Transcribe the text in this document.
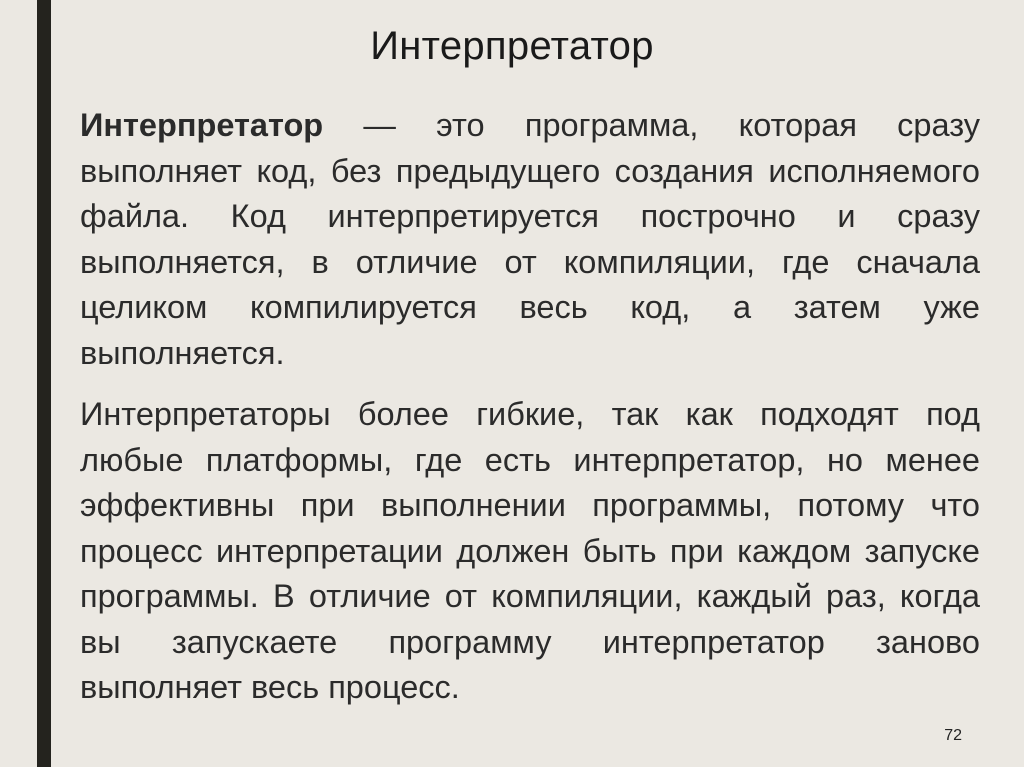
Интерпретатор

Интерпретатор — это программа, которая сразу выполняет код, без предыдущего создания исполняемого файла. Код интерпретируется построчно и сразу выполняется, в отличие от компиляции, где сначала целиком компилируется весь код, а затем уже выполняется.

Интерпретаторы более гибкие, так как подходят под любые платформы, где есть интерпретатор, но менее эффективны при выполнении программы, потому что процесс интерпретации должен быть при каждом запуске программы. В отличие от компиляции, каждый раз, когда вы запускаете программу интерпретатор заново выполняет весь процесс.

72
